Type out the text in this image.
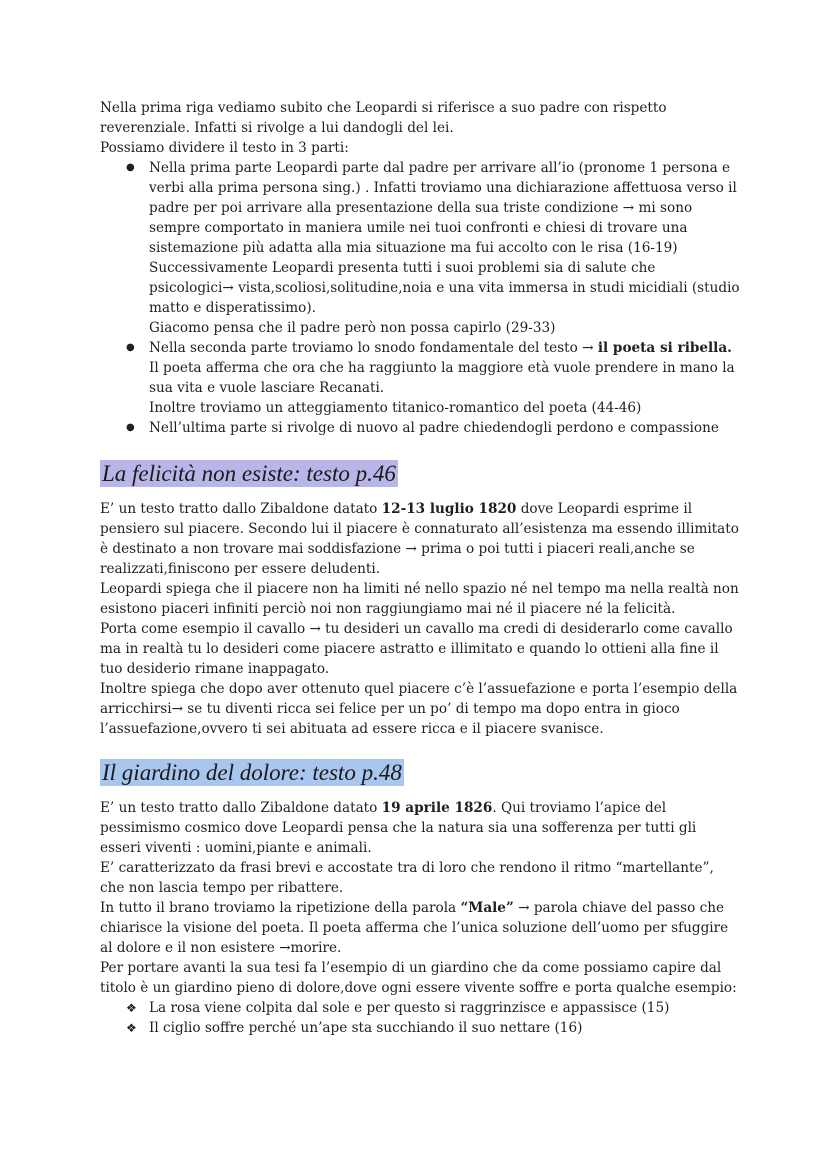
Nella prima riga vediamo subito che Leopardi si riferisce a suo padre con rispetto reverenziale. Infatti si rivolge a lui dandogli del lei.

Possiamo dividere il testo in 3 parti:

● Nella prima parte Leopardi parte dal padre per arrivare all’io (pronome 1 persona e verbi alla prima persona sing.) . Infatti troviamo una dichiarazione affettuosa verso il padre per poi arrivare alla presentazione della sua triste condizione → mi sono sempre comportato in maniera umile nei tuoi confronti e chiesi di trovare una sistemazione più adatta alla mia situazione ma fui accolto con le risa (16-19)
Successivamente Leopardi presenta tutti i suoi problemi sia di salute che psicologici→ vista,scoliosi,solitudine,noia e una vita immersa in studi micidiali (studio matto e disperatissimo).
Giacomo pensa che il padre però non possa capirlo (29-33)
● Nella seconda parte troviamo lo snodo fondamentale del testo → il poeta si ribella.
Il poeta afferma che ora che ha raggiunto la maggiore età vuole prendere in mano la sua vita e vuole lasciare Recanati.
Inoltre troviamo un atteggiamento titanico-romantico del poeta (44-46)
● Nell’ultima parte si rivolge di nuovo al padre chiedendogli perdono e compassione
La felicità non esiste: testo p.46

E’ un testo tratto dallo Zibaldone datato 12-13 luglio 1820 dove Leopardi esprime il pensiero sul piacere. Secondo lui il piacere è connaturato all’esistenza ma essendo illimitato è destinato a non trovare mai soddisfazione → prima o poi tutti i piaceri reali,anche se realizzati,finiscono per essere deludenti.

Leopardi spiega che il piacere non ha limiti né nello spazio né nel tempo ma nella realtà non esistono piaceri infiniti perciò noi non raggiungiamo mai né il piacere né la felicità.

Porta come esempio il cavallo → tu desideri un cavallo ma credi di desiderarlo come cavallo ma in realtà tu lo desideri come piacere astratto e illimitato e quando lo ottieni alla fine il tuo desiderio rimane inappagato.

Inoltre spiega che dopo aver ottenuto quel piacere c’è l’assuefazione e porta l’esempio della arricchirsi→ se tu diventi ricca sei felice per un po’ di tempo ma dopo entra in gioco l’assuefazione,ovvero ti sei abituata ad essere ricca e il piacere svanisce.

Il giardino del dolore: testo p.48

E’ un testo tratto dallo Zibaldone datato 19 aprile 1826. Qui troviamo l’apice del pessimismo cosmico dove Leopardi pensa che la natura sia una sofferenza per tutti gli esseri viventi : uomini,piante e animali.

E’ caratterizzato da frasi brevi e accostate tra di loro che rendono il ritmo “martellante”, che non lascia tempo per ribattere.

In tutto il brano troviamo la ripetizione della parola “Male” → parola chiave del passo che chiarisce la visione del poeta. Il poeta afferma che l’unica soluzione dell’uomo per sfuggire al dolore e il non esistere →morire.

Per portare avanti la sua tesi fa l’esempio di un giardino che da come possiamo capire dal titolo è un giardino pieno di dolore,dove ogni essere vivente soffre e porta qualche esempio:

❖ La rosa viene colpita dal sole e per questo si raggrinzisce e appassisce (15)
❖ Il ciglio soffre perché un’ape sta succhiando il suo nettare (16)
